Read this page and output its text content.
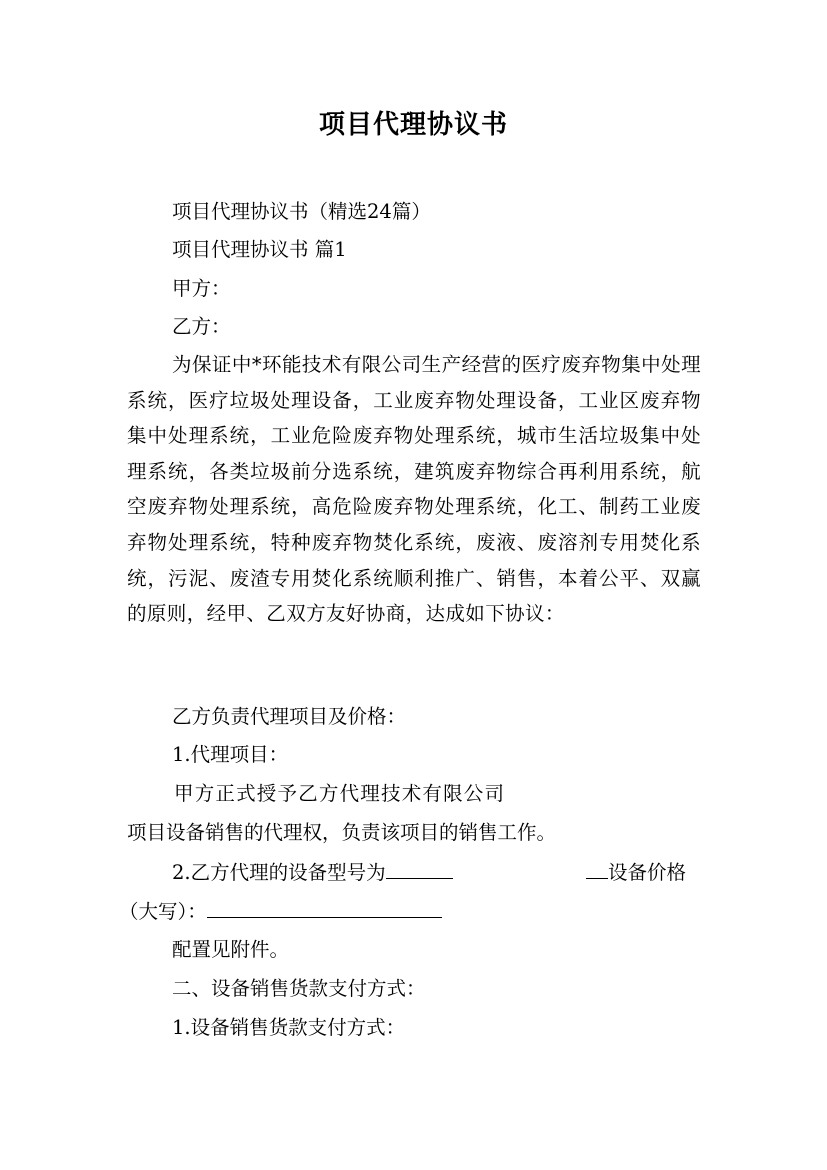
项目代理协议书
项目代理协议书（精选24篇）
项目代理协议书 篇1
甲方：
乙方：
为保证中*环能技术有限公司生产经营的医疗废弃物集中处理系统，医疗垃圾处理设备，工业废弃物处理设备，工业区废弃物集中处理系统，工业危险废弃物处理系统，城市生活垃圾集中处理系统，各类垃圾前分选系统，建筑废弃物综合再利用系统，航空废弃物处理系统，高危险废弃物处理系统，化工、制药工业废弃物处理系统，特种废弃物焚化系统，废液、废溶剂专用焚化系统，污泥、废渣专用焚化系统顺利推广、销售，本着公平、双赢的原则，经甲、乙双方友好协商，达成如下协议：
乙方负责代理项目及价格：
1.代理项目：
甲方正式授予乙方代理技术有限公司
项目设备销售的代理权，负责该项目的销售工作。
2.乙方代理的设备型号为	设备价格
（大写）：
配置见附件。
二、设备销售货款支付方式：
1.设备销售货款支付方式：
